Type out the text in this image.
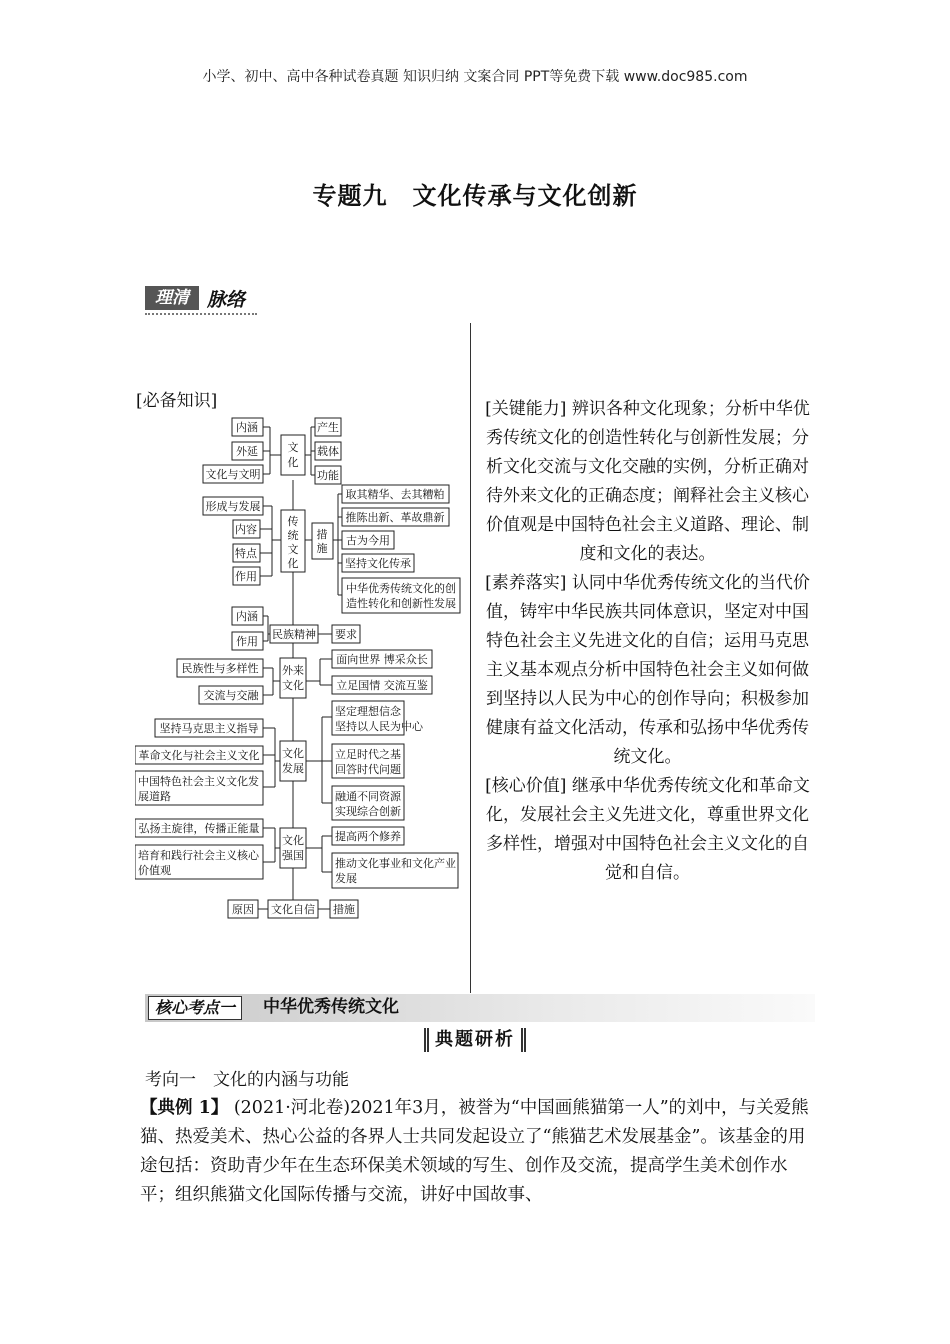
小学、初中、高中各种试卷真题 知识归纳 文案合同 PPT等免费下载 www.doc985.com
专题九　文化传承与文化创新
理清 脉络
[必备知识]
内涵
外延
文化与文明
文
化
产生
载体
功能
形成与发展
内容
特点
作用
传
统
文
化
措
施
取其精华、去其糟粕
推陈出新、革故鼎新
古为今用
坚持文化传承
中华优秀传统文化的创
造性转化和创新性发展
内涵
作用
民族精神 要求
民族性与多样性
交流与交融
外来
文化
面向世界 博采众长
立足国情 交流互鉴
坚持马克思主义指导
革命文化与社会主义文化
中国特色社会主义文化发
展道路
文化
发展
坚定理想信念
坚持以人民为中心
立足时代之基
回答时代问题
融通不同资源
实现综合创新
弘扬主旋律，传播正能量
培育和践行社会主义核心
价值观
文化
强国
提高两个修养
推动文化事业和文化产业
发展
原因 文化自信 措施

[关键能力] 辨识各种文化现象；分析中华优秀传统文化的创造性转化与创新性发展；分析文化交流与文化交融的实例，分析正确对待外来文化的正确态度；阐释社会主义核心价值观是中国特色社会主义道路、理论、制度和文化的表达。

[素养落实] 认同中华优秀传统文化的当代价值，铸牢中华民族共同体意识，坚定对中国特色社会主义先进文化的自信；运用马克思主义基本观点分析中国特色社会主义如何做到坚持以人民为中心的创作导向；积极参加健康有益文化活动，传承和弘扬中华优秀传统文化。

[核心价值] 继承中华优秀传统文化和革命文化，发展社会主义先进文化，尊重世界文化多样性，增强对中国特色社会主义文化的自觉和自信。

核心考点一	中华优秀传统文化
典题研析
考向一　文化的内涵与功能

【典例 1】 (2021·河北卷)2021年3月，被誉为“中国画熊猫第一人”的刘中，与关爱熊猫、热爱美术、热心公益的各界人士共同发起设立了“熊猫艺术发展基金”。该基金的用途包括：资助青少年在生态环保美术领域的写生、创作及交流，提高学生美术创作水平；组织熊猫文化国际传播与交流，讲好中国故事、
